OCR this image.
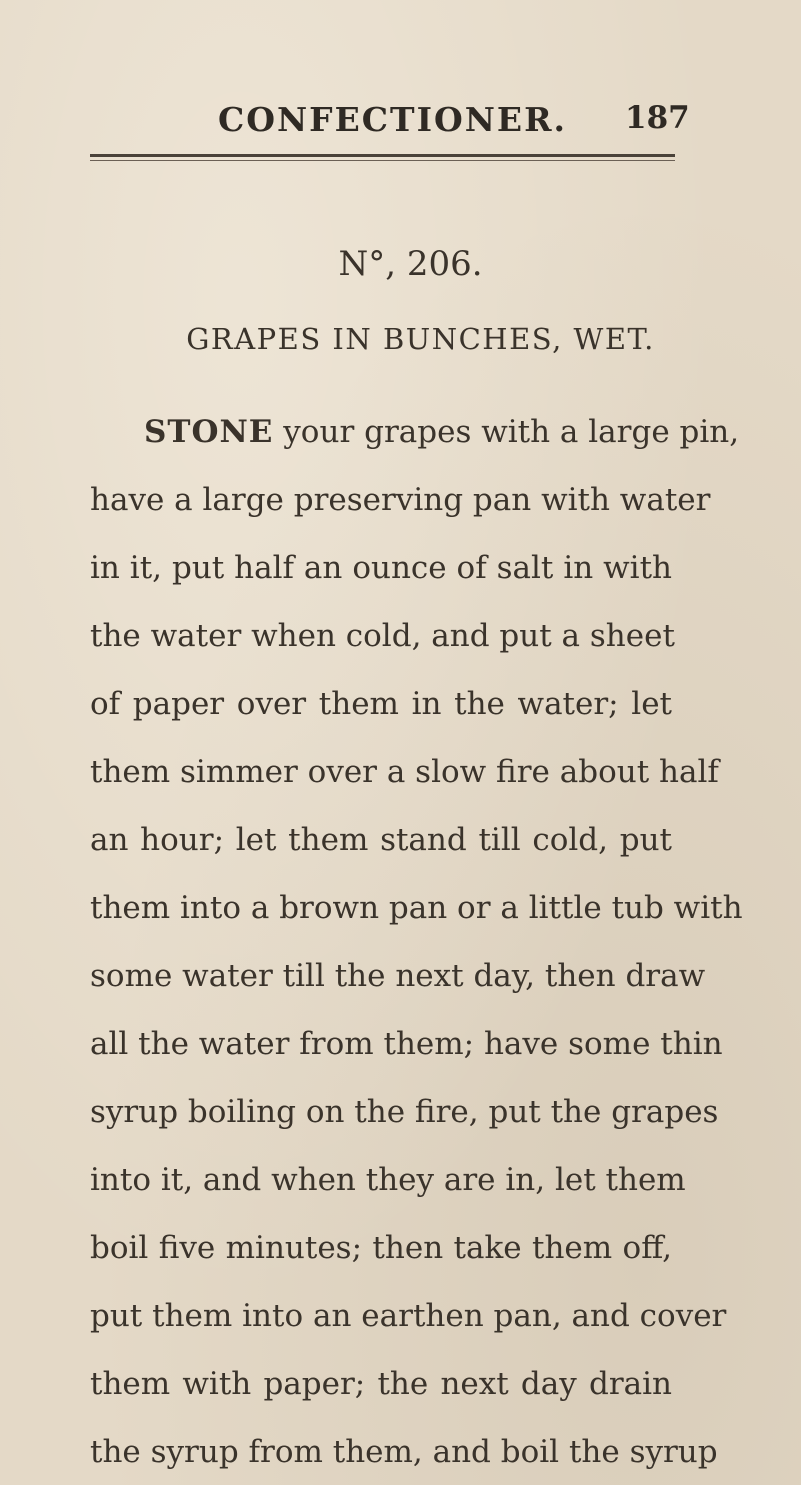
CONFECTIONER. 187
N°, 206.
GRAPES IN BUNCHES, WET.
STONE your grapes with a large pin,
have a large preserving pan with water
in it, put half an ounce of salt in with
the water when cold, and put a sheet
of paper over them in the water; let
them simmer over a slow fire about half
an hour; let them stand till cold, put
them into a brown pan or a little tub with
some water till the next day, then draw
all the water from them; have some thin
syrup boiling on the fire, put the grapes
into it, and when they are in, let them
boil five minutes; then take them off,
put them into an earthen pan, and cover
them with paper; the next day drain
the syrup from them, and boil the syrup
